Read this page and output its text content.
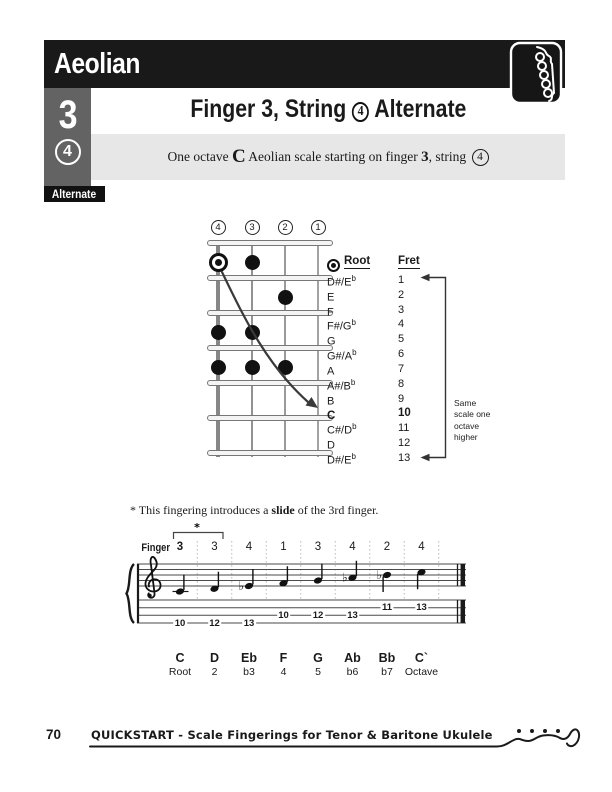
Aeolian
3
4
Alternate
Finger 3, String 4 Alternate
One octave C Aeolian scale starting on finger 3 , string 4
4	3	2	1
Root Fret
$D\#/E^b$	1
E	2
F	3
$F\#/G^b$	4
G	5
$G\#/A^b$	6
A	7
$A\#/B^b$	8
B	9
C	10
$C\#/D^b$	11
D	12
$D\#/E^b$	13
Same scale one octave higher
* This fingering introduces a slide of the 3rd finger.
Finger 3	3	4	1	3	4	2	4
*
♭
♭ ♭
10	12	13
10	12	13
11	13
C	D	Eb	F	G	Ab	Bb	C`
Root	2	b3	4	5	b6	b7	Octave
70	QUICKSTART - Scale Fingerings for Tenor & Baritone Ukulele
